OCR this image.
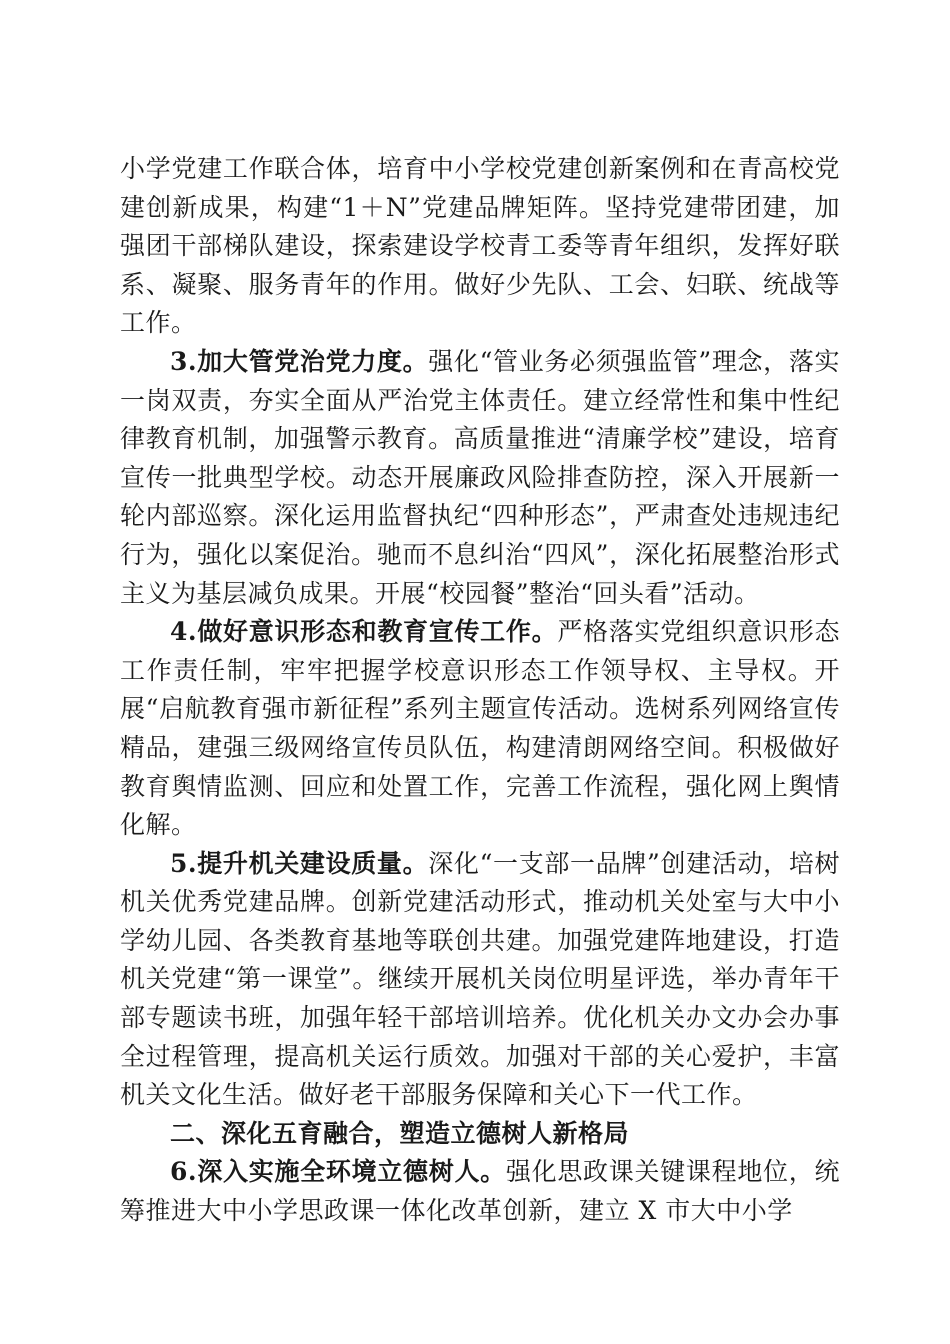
小学党建工作联合体，培育中小学校党建创新案例和在青高校党建创新成果，构建“1＋N”党建品牌矩阵。坚持党建带团建，加强团干部梯队建设，探索建设学校青工委等青年组织，发挥好联系、凝聚、服务青年的作用。做好少先队、工会、妇联、统战等工作。

3.加大管党治党力度。强化“管业务必须强监管”理念，落实一岗双责，夯实全面从严治党主体责任。建立经常性和集中性纪律教育机制，加强警示教育。高质量推进“清廉学校”建设，培育宣传一批典型学校。动态开展廉政风险排查防控，深入开展新一轮内部巡察。深化运用监督执纪“四种形态”，严肃查处违规违纪行为，强化以案促治。驰而不息纠治“四风”，深化拓展整治形式主义为基层减负成果。开展“校园餐”整治“回头看”活动。

4.做好意识形态和教育宣传工作。严格落实党组织意识形态工作责任制，牢牢把握学校意识形态工作领导权、主导权。开展“启航教育强市新征程”系列主题宣传活动。选树系列网络宣传精品，建强三级网络宣传员队伍，构建清朗网络空间。积极做好教育舆情监测、回应和处置工作，完善工作流程，强化网上舆情化解。

5.提升机关建设质量。深化“一支部一品牌”创建活动，培树机关优秀党建品牌。创新党建活动形式，推动机关处室与大中小学幼儿园、各类教育基地等联创共建。加强党建阵地建设，打造机关党建“第一课堂”。继续开展机关岗位明星评选，举办青年干部专题读书班，加强年轻干部培训培养。优化机关办文办会办事全过程管理，提高机关运行质效。加强对干部的关心爱护，丰富机关文化生活。做好老干部服务保障和关心下一代工作。

二、深化五育融合，塑造立德树人新格局

6.深入实施全环境立德树人。强化思政课关键课程地位，统筹推进大中小学思政课一体化改革创新，建立 X 市大中小学
